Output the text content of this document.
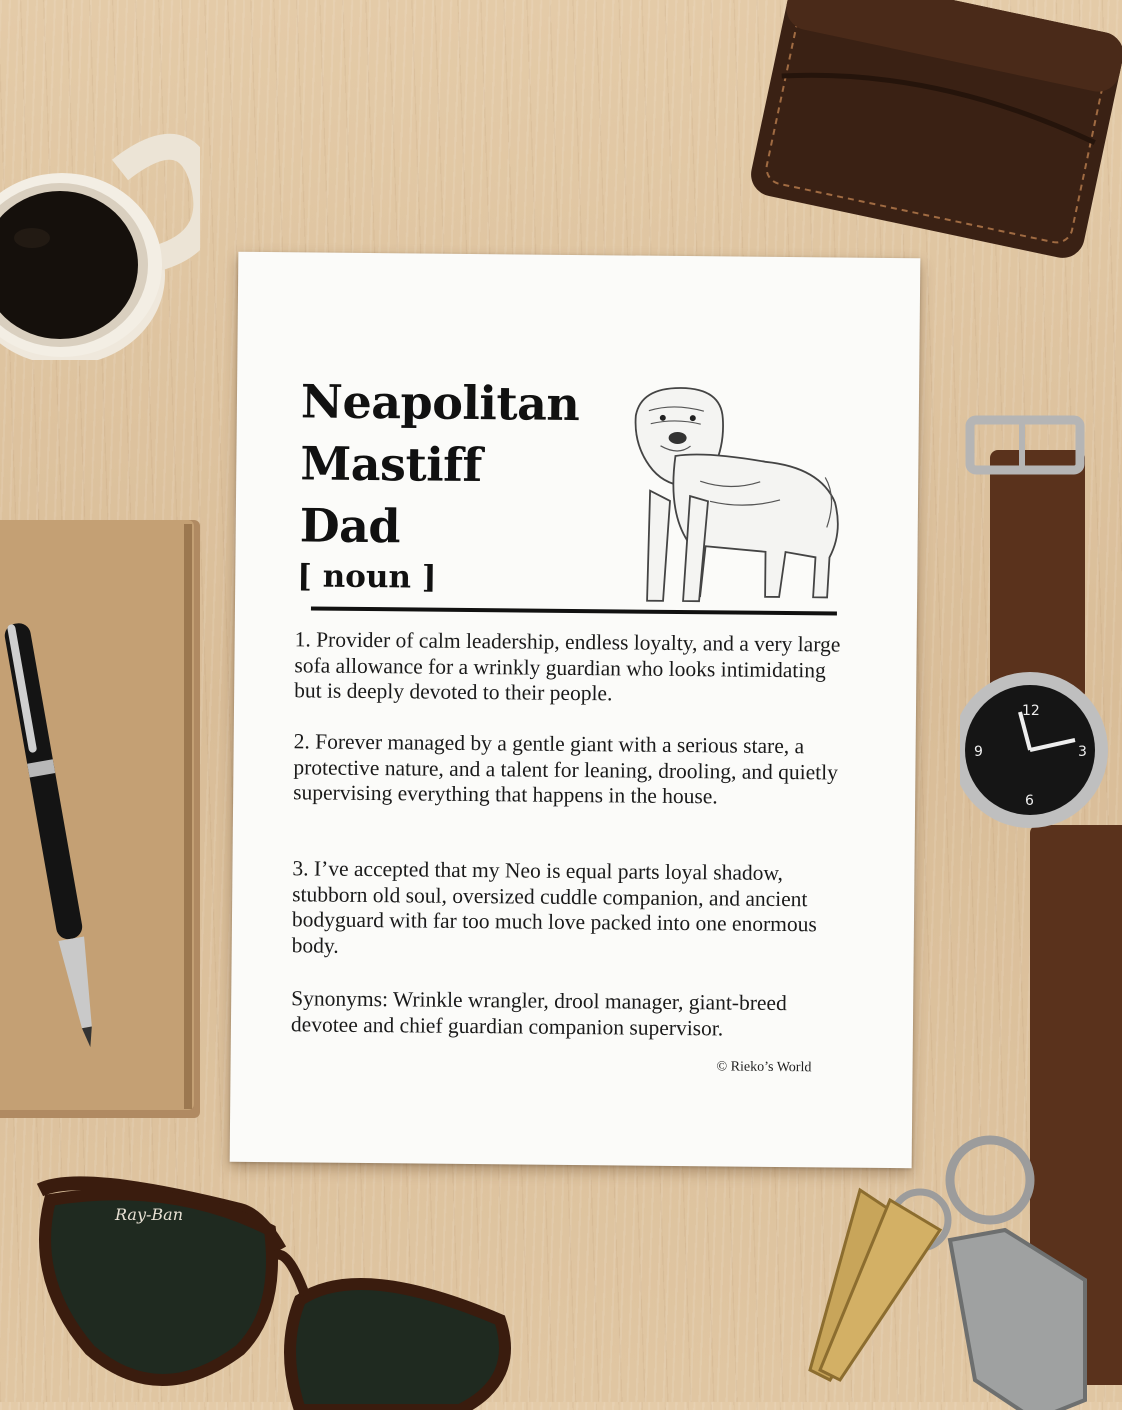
12
3
6
9
Ray-Ban
Neapolitan
Mastiff
Dad
[ noun ]

1. Provider of calm leadership, endless loyalty, and a very large sofa allowance for a wrinkly guardian who looks intimidating but is deeply devoted to their people.

2. Forever managed by a gentle giant with a serious stare, a protective nature, and a talent for leaning, drooling, and quietly supervising everything that happens in the house.

3. I’ve accepted that my Neo is equal parts loyal shadow, stubborn old soul, oversized cuddle companion, and ancient bodyguard with far too much love packed into one enormous body.

Synonyms: Wrinkle wrangler, drool manager, giant-breed devotee and chief guardian companion supervisor.

© Rieko’s World
